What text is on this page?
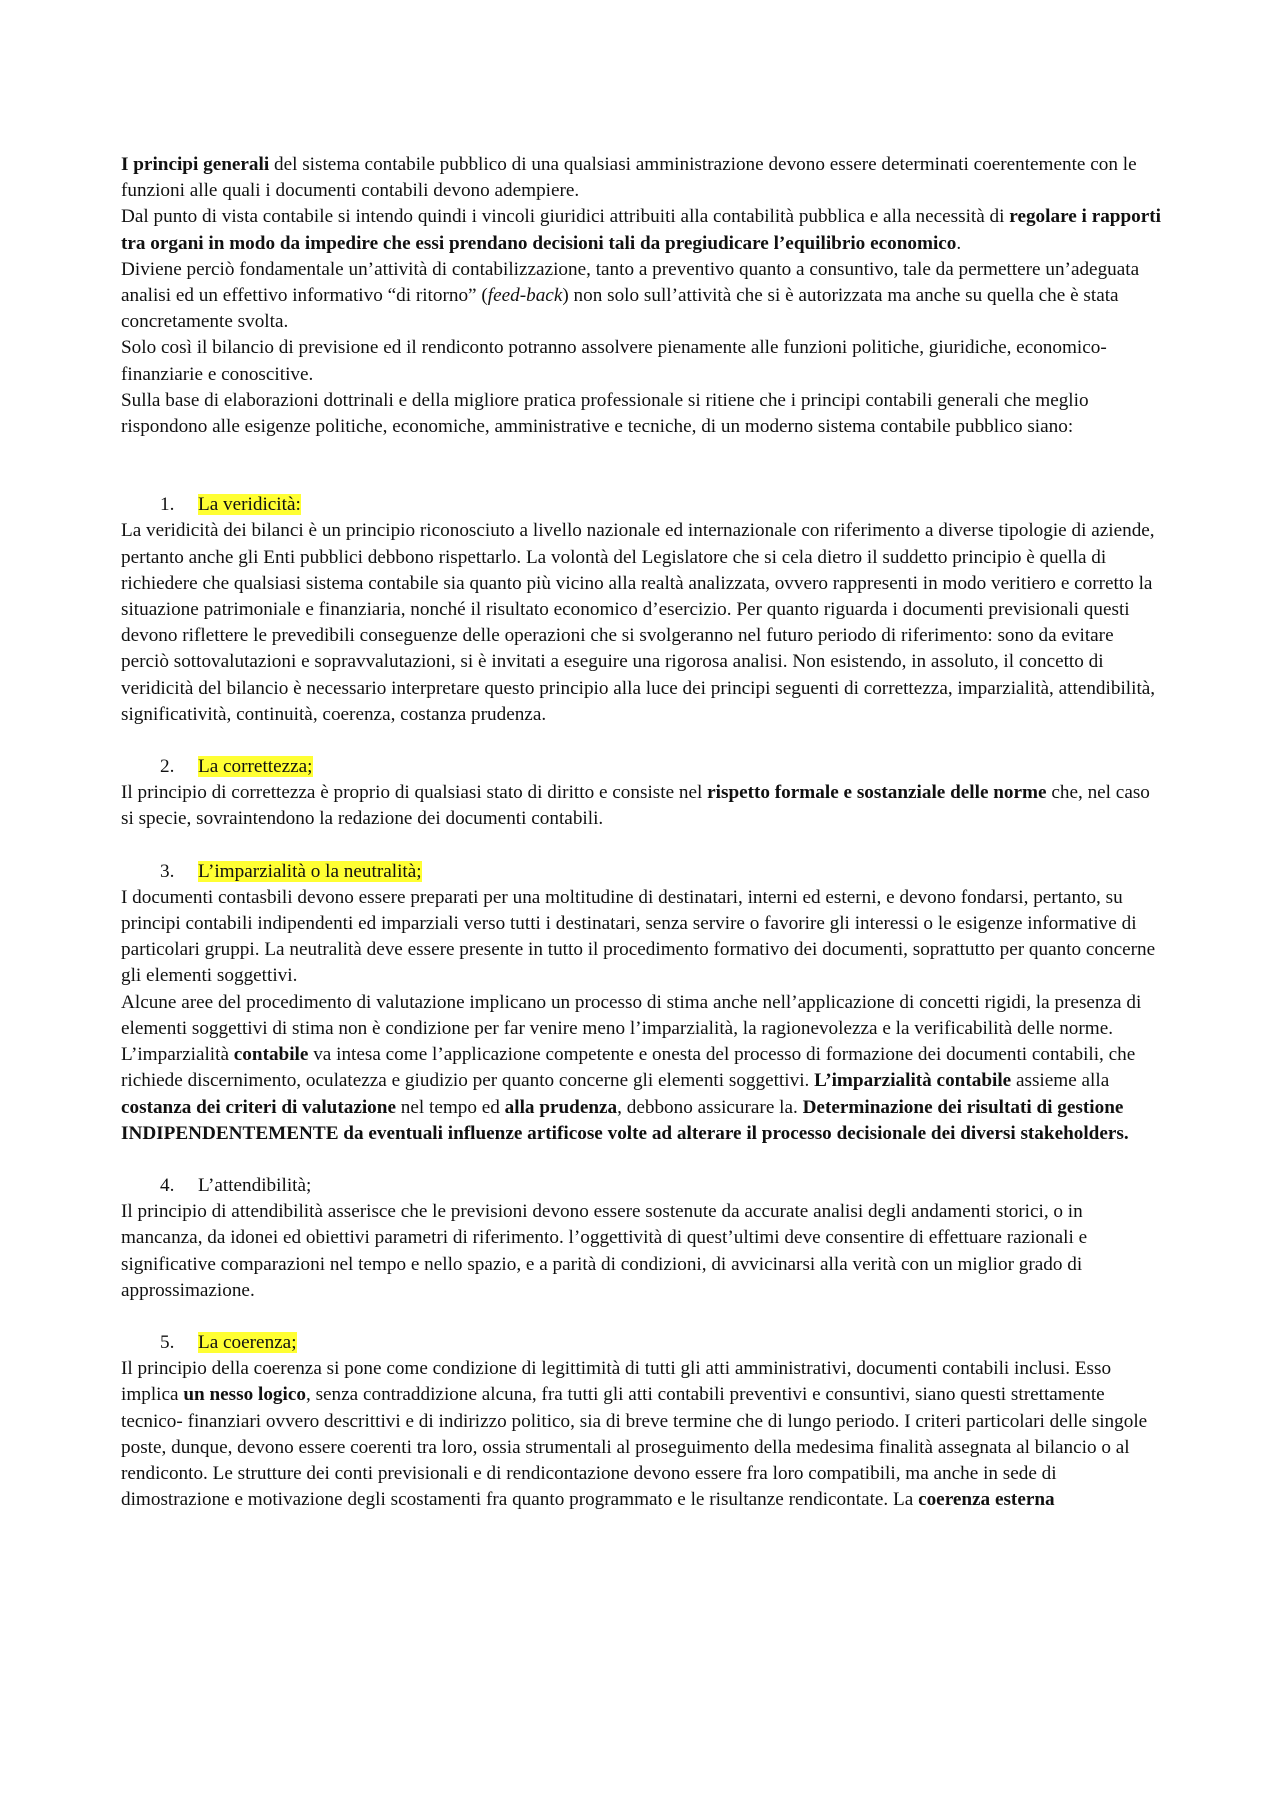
I principi generali del sistema contabile pubblico di una qualsiasi amministrazione devono essere determinati coerentemente con le funzioni alle quali i documenti contabili devono adempiere.

Dal punto di vista contabile si intendo quindi i vincoli giuridici attribuiti alla contabilità pubblica e alla necessità di regolare i rapporti tra organi in modo da impedire che essi prendano decisioni tali da pregiudicare l’equilibrio economico.

Diviene perciò fondamentale un’attività di contabilizzazione, tanto a preventivo quanto a consuntivo, tale da permettere un’adeguata analisi ed un effettivo informativo “di ritorno” (feed-back) non solo sull’attività che si è autorizzata ma anche su quella che è stata concretamente svolta.

Solo così il bilancio di previsione ed il rendiconto potranno assolvere pienamente alle funzioni politiche, giuridiche, economico-finanziarie e conoscitive.

Sulla base di elaborazioni dottrinali e della migliore pratica professionale si ritiene che i principi contabili generali che meglio rispondono alle esigenze politiche, economiche, amministrative e tecniche, di un moderno sistema contabile pubblico siano:

1. La veridicità:

La veridicità dei bilanci è un principio riconosciuto a livello nazionale ed internazionale con riferimento a diverse tipologie di aziende, pertanto anche gli Enti pubblici debbono rispettarlo. La volontà del Legislatore che si cela dietro il suddetto principio è quella di richiedere che qualsiasi sistema contabile sia quanto più vicino alla realtà analizzata, ovvero rappresenti in modo veritiero e corretto la situazione patrimoniale e finanziaria, nonché il risultato economico d’esercizio. Per quanto riguarda i documenti previsionali questi devono riflettere le prevedibili conseguenze delle operazioni che si svolgeranno nel futuro periodo di riferimento: sono da evitare perciò sottovalutazioni e sopravvalutazioni, si è invitati a eseguire una rigorosa analisi. Non esistendo, in assoluto, il concetto di veridicità del bilancio è necessario interpretare questo principio alla luce dei principi seguenti di correttezza, imparzialità, attendibilità, significatività, continuità, coerenza, costanza prudenza.

2. La correttezza;

Il principio di correttezza è proprio di qualsiasi stato di diritto e consiste nel rispetto formale e sostanziale delle norme che, nel caso si specie, sovraintendono la redazione dei documenti contabili.

3. L’imparzialità o la neutralità;

I documenti contasbili devono essere preparati per una moltitudine di destinatari, interni ed esterni, e devono fondarsi, pertanto, su principi contabili indipendenti ed imparziali verso tutti i destinatari, senza servire o favorire gli interessi o le esigenze informative di particolari gruppi. La neutralità deve essere presente in tutto il procedimento formativo dei documenti, soprattutto per quanto concerne gli elementi soggettivi.

Alcune aree del procedimento di valutazione implicano un processo di stima anche nell’applicazione di concetti rigidi, la presenza di elementi soggettivi di stima non è condizione per far venire meno l’imparzialità, la ragionevolezza e la verificabilità delle norme. L’imparzialità contabile va intesa come l’applicazione competente e onesta del processo di formazione dei documenti contabili, che richiede discernimento, oculatezza e giudizio per quanto concerne gli elementi soggettivi. L’imparzialità contabile assieme alla costanza dei criteri di valutazione nel tempo ed alla prudenza, debbono assicurare la. Determinazione dei risultati di gestione INDIPENDENTEMENTE da eventuali influenze artificose volte ad alterare il processo decisionale dei diversi stakeholders.

4. L’attendibilità;

Il principio di attendibilità asserisce che le previsioni devono essere sostenute da accurate analisi degli andamenti storici, o in mancanza, da idonei ed obiettivi parametri di riferimento. l’oggettività di quest’ultimi deve consentire di effettuare razionali e significative comparazioni nel tempo e nello spazio, e a parità di condizioni, di avvicinarsi alla verità con un miglior grado di approssimazione.

5. La coerenza;

Il principio della coerenza si pone come condizione di legittimità di tutti gli atti amministrativi, documenti contabili inclusi. Esso implica un nesso logico, senza contraddizione alcuna, fra tutti gli atti contabili preventivi e consuntivi, siano questi strettamente tecnico- finanziari ovvero descrittivi e di indirizzo politico, sia di breve termine che di lungo periodo. I criteri particolari delle singole poste, dunque, devono essere coerenti tra loro, ossia strumentali al proseguimento della medesima finalità assegnata al bilancio o al rendiconto. Le strutture dei conti previsionali e di rendicontazione devono essere fra loro compatibili, ma anche in sede di dimostrazione e motivazione degli scostamenti fra quanto programmato e le risultanze rendicontate. La coerenza esterna
